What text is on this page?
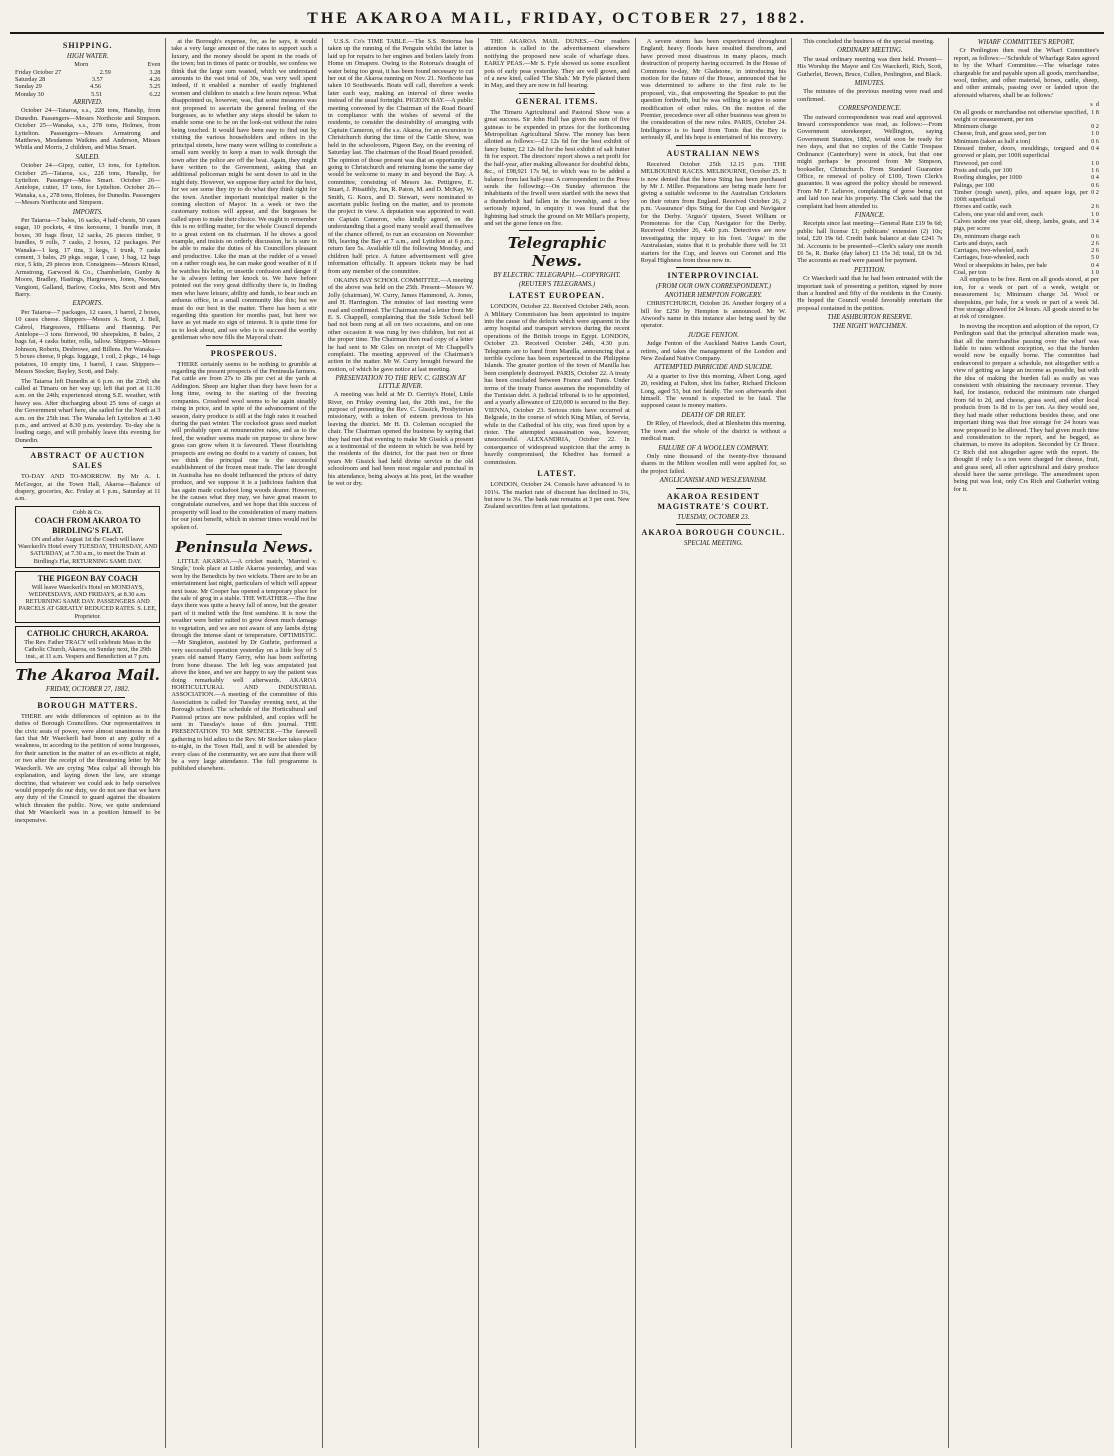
THE AKAROA MAIL, FRIDAY, OCTOBER 27, 1882.
SHIPPING.
HIGH WATER.
Morn	Even
Friday October 27	2.59	3.28
Saturday 28	3.57	4.26
Sunday 29	4.56	5.25
Monday 30	5.51	6.22
ARRIVED.

October 24—Taiaroa, s.s., 228 tons, Hanslip, from Dunedin. Passengers—Messrs Northcote and Simpson. October 25—Wanaka, s.s., 278 tons, Holmes, from Lyttelton. Passengers—Messrs Armstrong and Matthews, Mesdames Watkins and Anderson, Misses Whitla and Morris, 2 children, and Miss Smart.

SAILED.

October 24—Gipsy, cutter, 13 tons, for Lyttelton. October 25—Taiaroa, s.s., 228 tons, Hanslip, for Lyttelton. Passenger—Miss Smart. October 26—Antelope, cutter, 17 tons, for Lyttelton. October 26—Wanaka, s.s., 278 tons, Holmes, for Dunedin. Passengers—Messrs Northcote and Simpson.

IMPORTS.

Per Taiaroa—7 bales, 16 sacks, 4 half-chests, 50 cases sugar, 10 pockets, 4 tins kerosene, 1 bundle iron, 8 boxes, 30 bags flour, 12 sacks, 26 pieces timber, 9 bundles, 9 rolls, 7 casks, 2 boxes, 12 packages. Per Wanaka—1 keg, 17 tins, 3 kegs, 1 trunk, 7 casks cement, 3 bales, 29 pkgs. sugar, 1 case, 1 bag, 12 bags rice, 5 kits, 29 pieces iron. Consignees—Messrs Kinsel, Armstrong, Garwood & Co., Chamberlain, Gunby & Moore, Bradley, Hastings, Hargreaves, Jones, Noonan, Vangioni, Galland, Barlow, Cocks, Mrs Scott and Mrs Barry.

EXPORTS.

Per Taiaroa—7 packages, 12 cases, 1 barrel, 2 boxes, 10 cases cheese. Shippers—Messrs A. Scott, J. Bell, Cabrol, Hargreaves, Hilliams and Hanning. Per Antelope—3 tons firewood, 90 sheepskins, 8 bales, 2 bags fat, 4 casks butter, rolls, tallow. Shippers—Messrs Johnson, Roberts, Desbrowe, and Billens. Per Wanaka—5 boxes cheese, 9 pkgs. luggage, 1 coil, 2 pkgs., 14 bags potatoes, 10 empty tins, 1 barrel, 1 case. Shippers—Messrs Stocker, Bayley, Scott, and Daly.

The Taiaroa left Dunedin at 6 p.m. on the 23rd; she called at Timaru on her way up; left that port at 11.30 a.m. on the 24th; experienced strong S.E. weather, with heavy sea. After discharging about 25 tons of cargo at the Government wharf here, she sailed for the North at 3 a.m. on the 25th inst. The Wanaka left Lyttelton at 3.40 p.m., and arrived at 8.30 p.m. yesterday. To-day she is loading cargo, and will probably leave this evening for Dunedin.

ABSTRACT OF AUCTION SALES

TO-DAY AND TO-MORROW. By Mr A. I. McGregor, at the Town Hall, Akaroa—Balance of drapery, groceries, &c. Friday at 1 p.m., Saturday at 11 a.m.

Cobb & Co.
COACH FROM AKAROA TO BIRDLING'S FLAT.
ON and after August 1st the Coach will leave Waeckerli's Hotel every TUESDAY, THURSDAY, AND SATURDAY, at 7.30 a.m., to meet the Train at Birdling's Flat, RETURNING SAME DAY.
THE PIGEON BAY COACH
Will leave Waeckerli's Hotel on MONDAYS, WEDNESDAYS, AND FRIDAYS, at 8.30 a.m. RETURNING SAME DAY. PASSENGERS AND PARCELS AT GREATLY REDUCED RATES. S. LEE, Proprietor.
CATHOLIC CHURCH, AKAROA.
The Rev. Father TRACY will celebrate Mass in the Catholic Church, Akaroa, on Sunday next, the 29th inst., at 11 a.m. Vespers and Benediction at 7 p.m.
The Akaroa Mail.
FRIDAY, OCTOBER 27, 1882.
BOROUGH MATTERS.

THERE are wide differences of opinion as to the duties of Borough Councillors. Our representatives in the civic seats of power, were almost unanimous in the fact that Mr Waeckerli had been at any guilty of a weakness, in acceding to the petition of some burgesses, for their sanction in the matter of an ex-officio at night, or two after the receipt of the threatening letter by Mr Waeckerli. We are crying 'Mea culpa' all through his explanation, and laying down the law, are strange doctrine, that whatever we could ask to help ourselves would properly do our duty, we do not see that we have any duty of the Council to guard against the disasters which threaten the public. Now, we quite understand that Mr Waeckerli was in a position himself to be inexpensive.

at the Borough's expense, for, as he says, it would take a very large amount of the rates to support such a luxury, and the money should be spent in the roads of the town; but in times of panic or trouble, we confess we think that the large sum wasted, which we understand amounts to the vast total of 30s, was very well spent indeed, if it enabled a number of easily frightened women and children to snatch a few hours repose. What disappointed us, however, was, that some measures was not proposed to ascertain the general feeling of the burgesses, as to whether any steps should be taken to enable some one to be on the look-out without the rates being touched. It would have been easy to find out by visiting the various householders and others in the principal streets, how many were willing to contribute a small sum weekly to keep a man to walk through the town after the police are off the beat. Again, they might have written to the Government, asking that an additional policeman might be sent down to aid in the night duty. However, we suppose they acted for the best, for we see some they try to do what they think right for the town. Another important municipal matter is the coming election of Mayor. In a week or two the customary notices will appear, and the burgesses be called upon to make their choice. We ought to remember this is no trifling matter, for the whole Council depends to a great extent on its chairman. If he shows a good example, and insists on orderly discussion, he is sure to be able to make the duties of his Councillors pleasant and productive. Like the man at the rudder of a vessel on a rather rough sea, he can make good weather of it if he watches his helm, or unsettle confusion and danger if he is always letting her knock to. We have before pointed out the very great difficulty there is, in finding men who have leisure, ability and funds, to bear such an arduous office, in a small community like this; but we must do our best in the matter. There has been a stir regarding this question for months past, but here we have as yet made no sign of interest. It is quite time for us to look about, and see who is to succeed the worthy gentleman who now fills the Mayoral chair.

PROSPEROUS.

THERE certainly seems to be nothing to grumble at regarding the present prospects of the Peninsula farmers. Fat cattle are from 27s to 28s per cwt at the yards at Addington. Sheep are higher than they have been for a long time, owing to the starting of the freezing companies. Crossbred wool seems to be again steadily rising in price, and in spite of the advancement of the season, dairy produce is still at the high rates it reached during the past winter. The cocksfoot grass seed market will probably open at remunerative rates, and as to the feed, the weather seems made on purpose to show how grass can grow when it is favoured. These flourishing prospects are owing no doubt to a variety of causes, but we think the principal one is the successful establishment of the frozen meat trade. The late drought in Australia has no doubt influenced the prices of dairy produce, and we suppose it is a judicious fashion that has again made cocksfoot long woods dearer. However, be the causes what they may, we have great reason to congratulate ourselves, and we hope that this success of prosperity will lead to the consideration of many matters for our joint benefit, which in sterner times would not be spoken of.

Peninsula News.

LITTLE AKAROA.—A cricket match, 'Married v. Single,' took place at Little Akaroa yesterday, and was won by the Benedicts by two wickets. There are to be an entertainment last night, particulars of which will appear next issue. Mr Cooper has opened a temporary place for the sale of grog in a stable. THE WEATHER.—The fine days there was quite a heavy fall of snow, but the greater part of it melted with the first sunshine. It is now the weather were better suited to grow down much damage to vegetation, and we are not aware of any lambs dying through the intense slant or temperature. OPTIMISTIC.—Mr Singleton, assisted by Dr Guthrie, performed a very successful operation yesterday on a little boy of 5 years old named Harry Gerry, who has been suffering from bone disease. The left leg was amputated just above the knee, and we are happy to say the patient was doing remarkably well afterwards. AKAROA HORTICULTURAL AND INDUSTRIAL ASSOCIATION.—A meeting of the committee of this Association is called for Tuesday evening next, at the Borough school. The schedule of the Horticultural and Pastoral prizes are now published, and copies will be sent in Tuesday's issue of this journal. THE PRESENTATION TO MR SPENCER.—The farewell gathering to bid adieu to the Rev. Mr Stocker takes place to-night, in the Town Hall, and it will be attended by every class of the community, we are sure that there will be a very large attendance. The full programme is published elsewhere.

U.S.S. Co's TIME TABLE.—The S.S. Rotorua has taken up the running of the Penguin whilst the latter is laid up for repairs to her engines and boilers lately from Home on Omapere. Owing to the Rotorua's draught of water being too great, it has been found necessary to cut her out of the Akaroa running on Nov. 21. Northcote has taken 10 Southwards. Boats will call, therefore a week later each way, making an interval of three weeks instead of the usual fortnight. PIGEON BAY.—A public meeting convened by the Chairman of the Road Board in compliance with the wishes of several of the residents, to consider the desirability of arranging with Captain Cameron, of the s.s. Akaroa, for an excursion to Christchurch during the time of the Cattle Show, was held in the schoolroom, Pigeon Bay, on the evening of Saturday last. The chairman of the Road Board presided. The opinion of those present was that an opportunity of going to Christchurch and returning home the same day would be welcome to many in and beyond the Bay. A committee, consisting of Messrs Jas. Pettigrew, E. Stuart, J. Pitsaithly, Jun, R. Paton, M. and D. McKay, W. Smith, G. Knox, and D. Stewart, were nominated to ascertain public feeling on the matter, and to promote the project in view. A deputation was appointed to wait on Captain Cameron, who kindly agreed, on the understanding that a good many would avail themselves of the chance offered, to run an excursion on November 9th, leaving the Bay at 7 a.m., and Lyttelton at 6 p.m.; return fare 5s. Available till the following Monday, and children half price. A future advertisement will give information officially. It appears tickets may be had from any member of the committee.

OKAINS BAY SCHOOL COMMITTEE.—A meeting of the above was held on the 25th. Present—Messrs W. Jolly (chairman), W. Curry, James Hammond, A. Jones, and H. Harrington. The minutes of last meeting were read and confirmed. The Chairman read a letter from Mr E. S. Chappell, complaining that the Side School bell had not been rung at all on two occasions, and on one other occasion it was rung by two children, but not at the proper time. The Chairman then read copy of a letter he had sent to Mr Giles on receipt of Mr Chappell's complaint. The meeting approved of the Chairman's action in the matter. Mr W. Curry brought forward the motion, of which he gave notice at last meeting.

PRESENTATION TO THE REV. C. GIBSON AT LITTLE RIVER.

A meeting was held at Mr D. Gerrity's Hotel, Little River, on Friday evening last, the 20th inst., for the purpose of presenting the Rev. C. Gissick, Presbyterian missionary, with a token of esteem previous to his leaving the district. Mr H. D. Coleman occupied the chair. The Chairman opened the business by saying that they had met that evening to make Mr Gissick a present as a testimonial of the esteem in which he was held by the residents of the district, for the past two or three years Mr Gissick had held divine service in the old schoolroom and had been most regular and punctual in his attendance, being always at his post, let the weather be wet or dry.

THE AKAROA MAIL DUNES.—Our readers attention is called to the advertisement elsewhere notifying the proposed new scale of wharfage dues. EARLY PEAS.—Mr S. Fyfe showed us some excellent pots of early peas yesterday. They are well grown, and of a new kind, called 'The Shah.' Mr Fyfe planted them in May, and they are now in full bearing.

GENERAL ITEMS.

The Timaru Agricultural and Pastoral Show was a great success. Sir John Hall has given the sum of five guineas to be expended in prizes for the forthcoming Metropolitan Agricultural Show. The money has been allotted as follows:—£2 12s 6d for the best exhibit of fancy butter, £2 12s 6d for the best exhibit of salt butter fit for export. The directors' report shows a net profit for the half-year, after making allowance for doubtful debts, &c., of £98,921 17s 9d, to which was to be added a balance from last half-year. A correspondent to the Press sends the following:—On Sunday afternoon the inhabitants of the Irwell were startled with the news that a thunderbolt had fallen in the township, and a boy seriously injured, in enquiry it was found that the lightning had struck the ground on Mr Millar's property, and set the gorse fence on fire.

Telegraphic News.
BY ELECTRIC TELEGRAPH.—COPYRIGHT.
(REUTER'S TELEGRAMS.)
LATEST EUROPEAN.

LONDON, October 22. Received October 24th, noon. A Military Commission has been appointed to inquire into the cause of the defects which were apparent in the army hospital and transport services during the recent operations of the British troops in Egypt. LONDON, October 23. Received October 24th, 4.30 p.m. Telegrams are to hand from Manilla, announcing that a terrible cyclone has been experienced in the Philippine Islands. The greater portion of the town of Manilla has been completely destroyed. PARIS, October 22. A treaty has been concluded between France and Tunis. Under terms of the treaty France assumes the responsibility of the Tunisian debt. A judicial tribunal is to be appointed, and a yearly allowance of £20,000 is secured to the Bey. VIENNA, October 23. Serious riots have occurred at Belgrade, in the course of which King Milan, of Servia, while in the Cathedral of his city, was fired upon by a rioter. The attempted assassination was, however, unsuccessful. ALEXANDRIA, October 22. In consequence of widespread suspicion that the army is heavily compromised, the Khedive has formed a commission.

LATEST.

LONDON, October 24. Consols have advanced ¼ to 101¼. The market rate of discount has declined to 3¼, but now is 3¼. The bank rate remains at 3 per cent. New Zealand securities firm at last quotations.

A severe storm has been experienced throughout England; heavy floods have resulted therefrom, and have proved most disastrous in many places, much destruction of property having occurred. In the House of Commons to-day, Mr Gladstone, in introducing his motion for the future of the House, announced that he was determined to adhere to the first rule to be proposed, viz., that empowering the Speaker to put the question forthwith, but he was willing to agree to some modification of other rules. On the motion of the Premier, precedence over all other business was given to the consideration of the new rules. PARIS, October 24. Intelligence is to hand from Tunis that the Bey is seriously ill, and his hope is entertained of his recovery.

AUSTRALIAN NEWS

Received October 25th 12.15 p.m. THE MELBOURNE RACES. MELBOURNE, October 25. It is now denied that the horse Sting has been purchased by Mr J. Miller. Preparations are being made here for giving a suitable welcome to the Australian Cricketers on their return from England. Received October 26, 2 p.m. 'Assurance' dips Sting for the Cup and Navigator for the Derby. 'Argus's' tipsters, Sweet William or Promoteras for the Cup, Navigator for the Derby. Received October 26, 4.40 p.m. Detectives are now investigating the injury to his foot. 'Argus' in the Australasian, states that it is probable there will be 33 starters for the Cup, and leaves out Coronet and His Royal Highness from those now in.

INTERPROVINCIAL
(FROM OUR OWN CORRESPONDENT.)
ANOTHER HEMPTON FORGERY.

CHRISTCHURCH, October 26. Another forgery of a bill for £250 by Hempton is announced. Mr W. Atwood's name in this instance also being used by the operator.

JUDGE FENTON.

Judge Fenton of the Auckland Native Lands Court, retires, and takes the management of the London and New Zealand Native Company.

ATTEMPTED PARRICIDE AND SUICIDE.

At a quarter to five this morning, Albert Long, aged 20, residing at Fulton, shot his father, Richard Dickson Long, aged 53, but not fatally. The son afterwards shot himself. The wound is expected to be fatal. The supposed cause is money matters.

DEATH OF DR RILEY.

Dr Riley, of Havelock, died at Blenheim this morning. The town and the whole of the district is without a medical man.

FAILURE OF A WOOLLEN COMPANY.

Only nine thousand of the twenty-five thousand shares in the Milton woollen mill were applied for, so the project failed.

ANGLICANISM AND WESLEYANISM.
AKAROA RESIDENT MAGISTRATE'S COURT.
TUESDAY, OCTOBER 23.
AKAROA BOROUGH COUNCIL.
SPECIAL MEETING.

This concluded the business of the special meeting.

ORDINARY MEETING.

The usual ordinary meeting was then held. Present—His Worship the Mayor and Crs Waeckerli, Rich, Scott, Gutherlet, Brown, Bruce, Cullen, Penlington, and Black.

MINUTES.

The minutes of the previous meeting were read and confirmed.

CORRESPONDENCE.

The outward correspondence was read and approved. Inward correspondence was read, as follows:—From Government storekeeper, Wellington, saying Government Statutes, 1882, would soon be ready for two days, and that no copies of the Cattle Trespass Ordinance (Canterbury) were in stock, but that one might perhaps be procured from Mr Simpson, bookseller, Christchurch. From Standard Guarantee Office, re renewal of policy of £100, Town Clerk's guarantee. It was agreed the policy should be renewed. From Mr F. Lelievre, complaining of gorse being cut and laid too near his property. The Clerk said that the complaint had been attended to.

FINANCE.

Receipts since last meeting—General Rate £19 9s 6d; public hall license £1; publicans' extension (2) 10s; total, £20 19s 6d. Credit bank balance at date £241 7s 3d. Accounts to be presented—Clerk's salary one month £6 5s, R. Burke (day labor) £1 15s 3d; total, £8 0s 3d. The accounts as read were passed for payment.

PETITION.

Cr Waeckerli said that he had been entrusted with the important task of presenting a petition, signed by more than a hundred and fifty of the residents in the County. He hoped the Council would favorably entertain the proposal contained in the petition.

THE ASHBURTON RESERVE.
THE NIGHT WATCHMEN.
WHARF COMMITTEE'S REPORT.

Cr Penlington then read the Wharf Committee's report, as follows:—'Schedule of Wharfage Rates agreed to by the Wharf Committee.—The wharfage rates chargeable for and payable upon all goods, merchandise, wool, timber, and other material, horses, cattle, sheep, and other animals, passing over or landed upon the aforesaid wharves, shall be as follows:'

s d
On all goods or merchandise not otherwise specified, weight or measurement, per ton
1 8
Minimum charge	0 2
Cheese, fruit, and grass seed, per ton	1 0
Minimum (taken as half a ton)	0 6
Dressed timber, doors, mouldings, tongued and grooved or plain, per 100ft superficial
0 4
Firewood, per cord	1 0
Posts and rails, per 100	1 6
Roofing shingles, per 1000	0 4
Palings, per 100	0 6
Timber (rough sawn), piles, and square logs, per 100ft superficial
0 2
Horses and cattle, each	2 6
Calves, one year old and over, each	1 0
Calves under one year old, sheep, lambs, goats, and pigs, per score
3 4
Do, minimum charge each	0 6
Carts and drays, each	2 6
Carriages, two-wheeled, each	2 6
Carriages, four-wheeled, each	5 0
Wool or sheepskins in bales, per bale	0 4
Coal, per ton	1 0

All empties to be free. Rent on all goods stored, at per ton, for a week or part of a week, weight or measurement 1s; Minimum charge 3d. Wool or sheepskins, per bale, for a week or part of a week 3d. Free storage allowed for 24 hours. All goods stored to be at risk of consignee.

In moving the reception and adoption of the report, Cr Penlington said that the principal alteration made was, that all the merchandise passing over the wharf was liable to rates without exception, so that the burden would now be equally borne. The committee had endeavored to prepare a schedule, not altogether with a view of getting as large an income as possible, but with the idea of making the burden fall as easily as was consistent with obtaining the necessary revenue. They had, for instance, reduced the minimum rate charged from 6d to 2d, and cheese, grass seed, and other local products from 1s 8d to 1s per ton. As they would see, they had made other reductions besides these, and one important thing was that free storage for 24 hours was now proposed to be allowed. They had given much time and consideration to the report, and he begged, as chairman, to move its adoption. Seconded by Cr Bruce. Cr Rich did not altogether agree with the report. He thought if only 1s a ton were charged for cheese, fruit, and grass seed, all other agricultural and dairy produce should have the same privilege. The amendment upon being put was lost, only Crs Rich and Gutherlet voting for it.
